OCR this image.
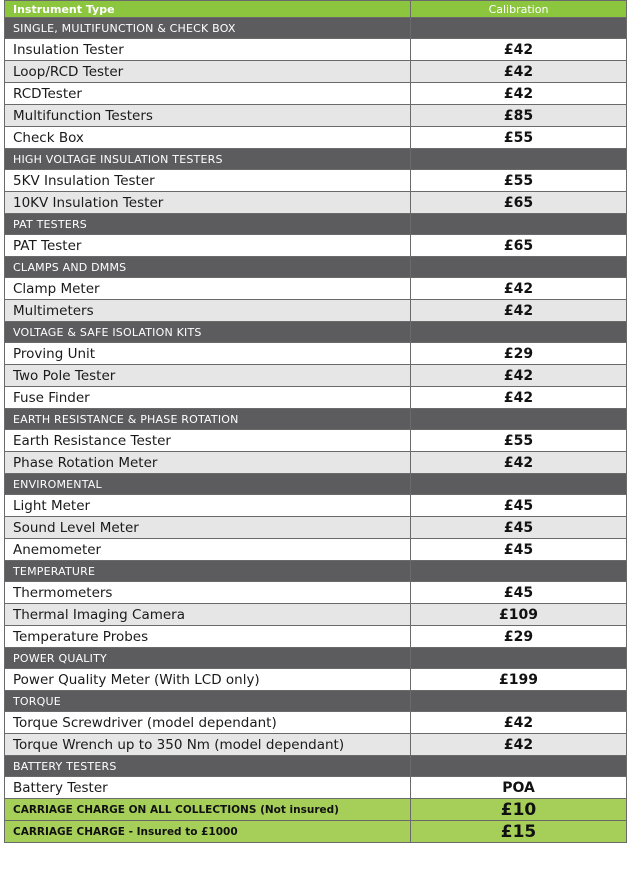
Instrument Type	Calibration
SINGLE, MULTIFUNCTION & CHECK BOX	
Insulation Tester	£42
Loop/RCD Tester	£42
RCDTester	£42
Multifunction Testers	£85
Check Box	£55
HIGH VOLTAGE INSULATION TESTERS	
5KV Insulation Tester	£55
10KV Insulation Tester	£65
PAT TESTERS	
PAT Tester	£65
CLAMPS AND DMMS	
Clamp Meter	£42
Multimeters	£42
VOLTAGE & SAFE ISOLATION KITS	
Proving Unit	£29
Two Pole Tester	£42
Fuse Finder	£42
EARTH RESISTANCE & PHASE ROTATION	
Earth Resistance Tester	£55
Phase Rotation Meter	£42
ENVIROMENTAL	
Light Meter	£45
Sound Level Meter	£45
Anemometer	£45
TEMPERATURE	
Thermometers	£45
Thermal Imaging Camera	£109
Temperature Probes	£29
POWER QUALITY	
Power Quality Meter (With LCD only)	£199
TORQUE	
Torque Screwdriver (model dependant)	£42
Torque Wrench up to 350 Nm (model dependant)	£42
BATTERY TESTERS	
Battery Tester	POA
CARRIAGE CHARGE ON ALL COLLECTIONS (Not insured)	£10
CARRIAGE CHARGE - Insured to £1000	£15
